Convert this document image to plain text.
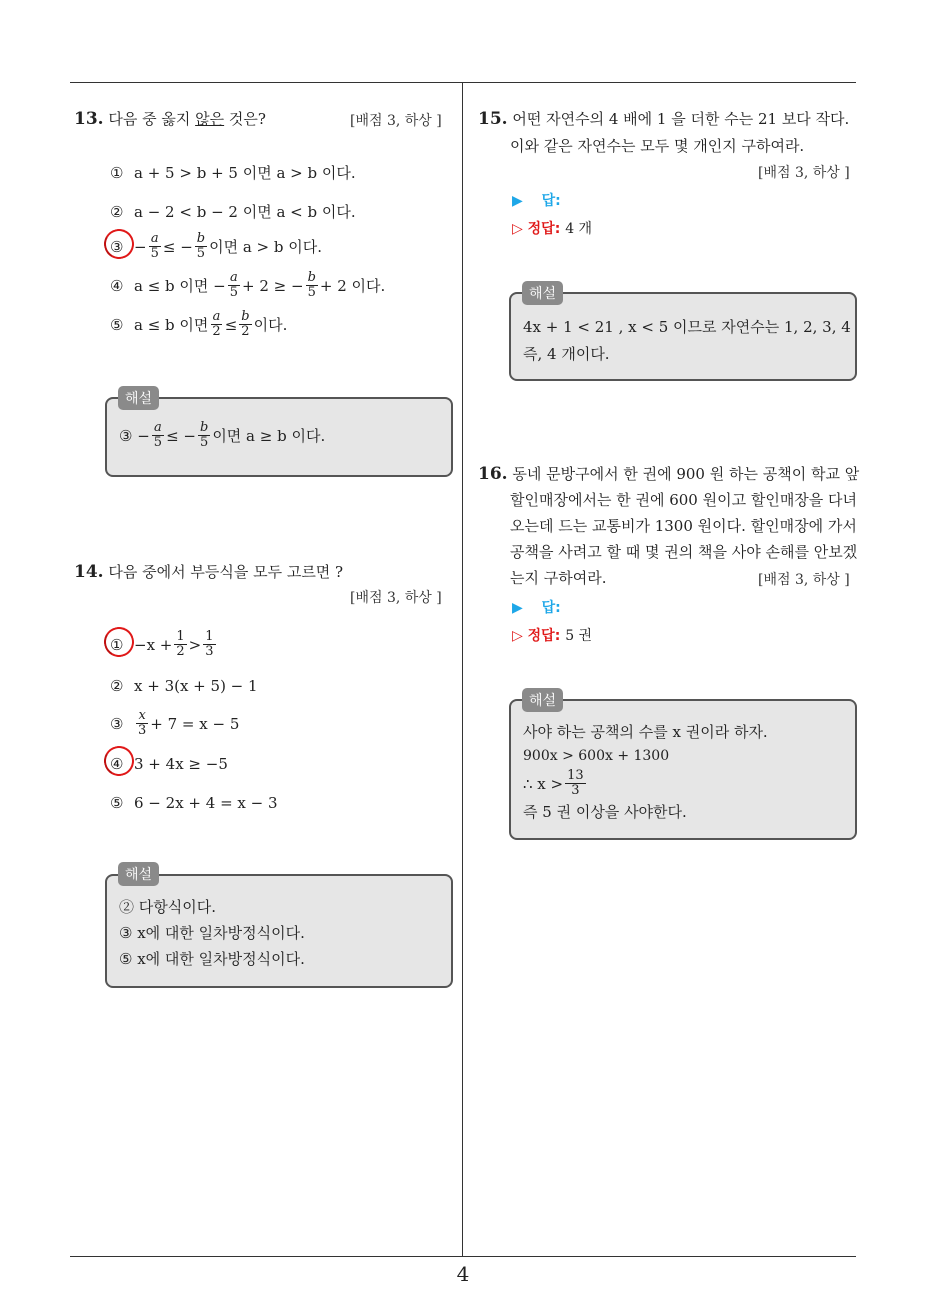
4
13. 다음 중 옳지 않은 것은?	[배점 3, 하상 ]
① a + 5 > b + 5 이면 a > b 이다.
② a − 2 < b − 2 이면 a < b 이다.
③ − $\frac{a}{5}$ ≤ − $\frac{b}{5}$ 이면 a > b 이다.
④ a ≤ b 이면 − $\frac{a}{5} + 2$ ≥ − $\frac{b}{5} + 2$ 이다.
⑤ a ≤ b 이면 $\frac{a}{2} \le \frac{b}{2}$ 이다.
③ − $\frac{a}{5}$ ≤ − $\frac{b}{5}$ 이면 a ≥ b 이다.
해설
14. 다음 중에서 부등식을 모두 고르면 ?
[배점 3, 하상 ]
① $-x + \frac{1}{2} > \frac{1}{3}$
② x + 3(x + 5) − 1
③ $\frac{x}{3} + 7 = x - 5$
④ 3 + 4x ≥ −5
⑤ 6 − 2x + 4 = x − 3
② 다항식이다.
③ x에 대한 일차방정식이다.
⑤ x에 대한 일차방정식이다.
해설
15. 어떤 자연수의 4 배에 1 을 더한 수는 21 보다 작다.
이와 같은 자연수는 모두 몇 개인지 구하여라.
[배점 3, 하상 ]
▶ 답:
▷ 정답: 4 개
4x + 1 < 21 , x < 5 이므로 자연수는 1, 2, 3, 4
즉, 4 개이다.
해설
16. 동네 문방구에서 한 권에 900 원 하는 공책이 학교 앞
할인매장에서는 한 권에 600 원이고 할인매장을 다녀
오는데 드는 교통비가 1300 원이다. 할인매장에 가서
공책을 사려고 할 때 몇 권의 책을 사야 손해를 안보겠
는지 구하여라.	[배점 3, 하상 ]
▶ 답:
▷ 정답: 5 권
사야 하는 공책의 수를 x 권이라 하자.
900x > 600x + 1300
∴ $x > \frac{13}{3}$
즉 5 권 이상을 사야한다.
해설
